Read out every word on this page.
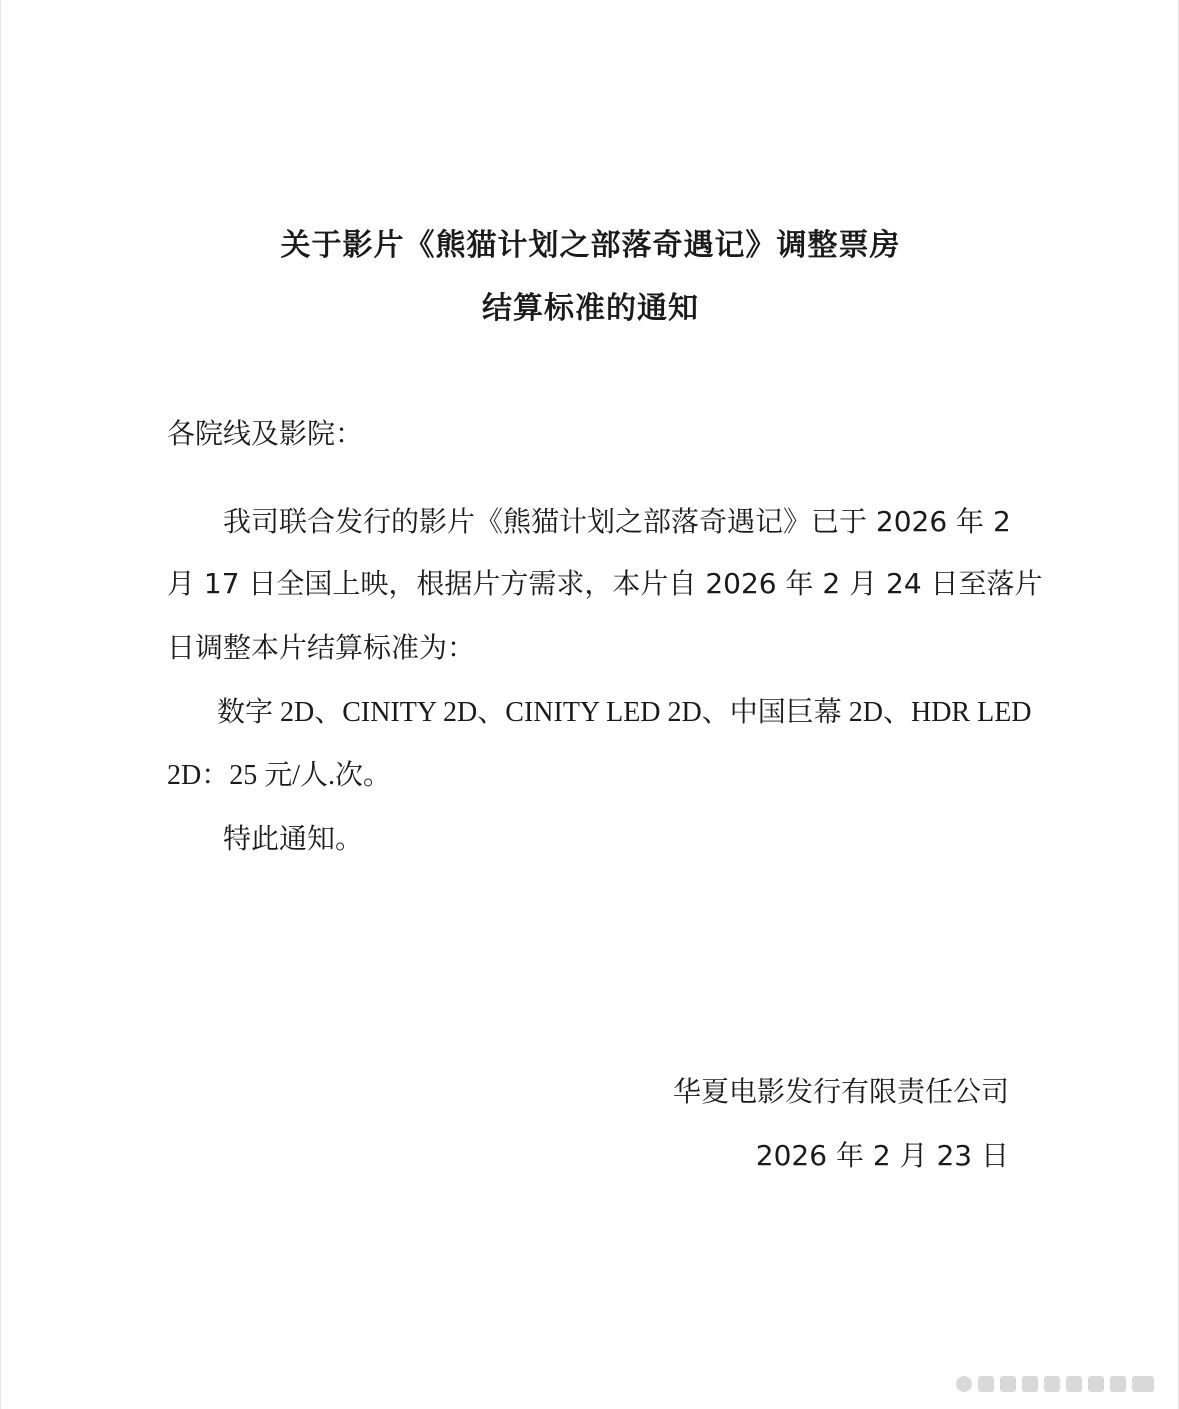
关于影片《熊猫计划之部落奇遇记》调整票房
结算标准的通知
各院线及影院：
我司联合发行的影片《熊猫计划之部落奇遇记》已于 2026 年 2
月 17 日全国上映，根据片方需求，本片自 2026 年 2 月 24 日至落片
日调整本片结算标准为：
数字 2D、CINITY 2D、CINITY LED 2D、中国巨幕 2D、HDR LED
2D：25 元/人.次。
特此通知。
华夏电影发行有限责任公司
2026 年 2 月 23 日
